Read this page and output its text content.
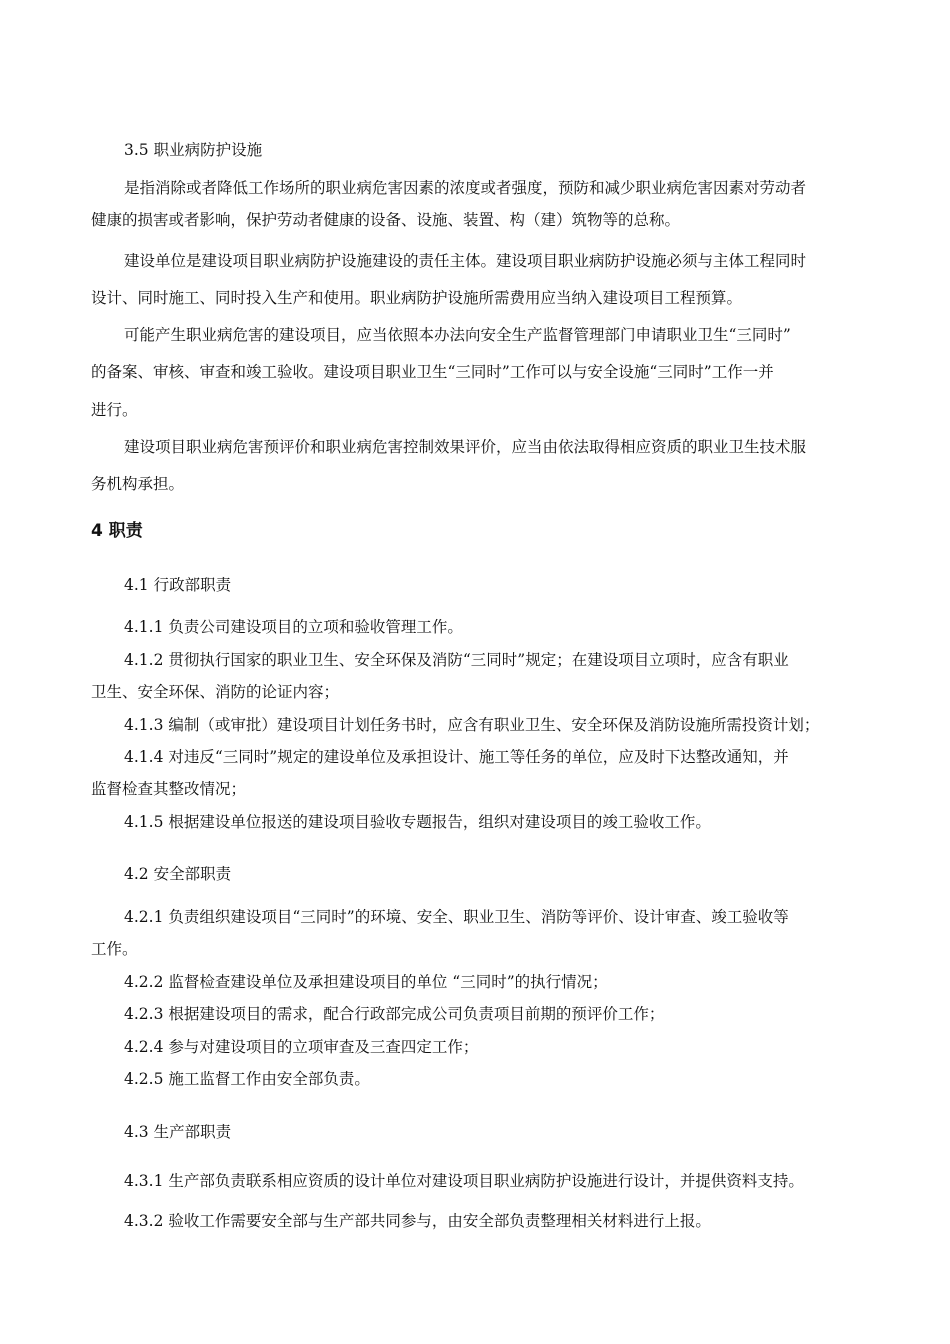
3.5 职业病防护设施
是指消除或者降低工作场所的职业病危害因素的浓度或者强度，预防和减少职业病危害因素对劳动者
健康的损害或者影响，保护劳动者健康的设备、设施、装置、构（建）筑物等的总称。
建设单位是建设项目职业病防护设施建设的责任主体。建设项目职业病防护设施必须与主体工程同时
设计、同时施工、同时投入生产和使用。职业病防护设施所需费用应当纳入建设项目工程预算。
可能产生职业病危害的建设项目，应当依照本办法向安全生产监督管理部门申请职业卫生“三同时”
的备案、审核、审查和竣工验收。建设项目职业卫生“三同时”工作可以与安全设施“三同时”工作一并
进行。
建设项目职业病危害预评价和职业病危害控制效果评价，应当由依法取得相应资质的职业卫生技术服
务机构承担。
4 职责
4.1 行政部职责
4.1.1 负责公司建设项目的立项和验收管理工作。
4.1.2 贯彻执行国家的职业卫生、安全环保及消防“三同时”规定；在建设项目立项时，应含有职业
卫生、安全环保、消防的论证内容；
4.1.3 编制（或审批）建设项目计划任务书时，应含有职业卫生、安全环保及消防设施所需投资计划；
4.1.4 对违反“三同时”规定的建设单位及承担设计、施工等任务的单位，应及时下达整改通知，并
监督检查其整改情况；
4.1.5 根据建设单位报送的建设项目验收专题报告，组织对建设项目的竣工验收工作。
4.2 安全部职责
4.2.1 负责组织建设项目“三同时”的环境、安全、职业卫生、消防等评价、设计审查、竣工验收等
工作。
4.2.2 监督检查建设单位及承担建设项目的单位 “三同时”的执行情况；
4.2.3 根据建设项目的需求，配合行政部完成公司负责项目前期的预评价工作；
4.2.4 参与对建设项目的立项审查及三查四定工作；
4.2.5 施工监督工作由安全部负责。
4.3 生产部职责
4.3.1 生产部负责联系相应资质的设计单位对建设项目职业病防护设施进行设计，并提供资料支持。
4.3.2 验收工作需要安全部与生产部共同参与，由安全部负责整理相关材料进行上报。
